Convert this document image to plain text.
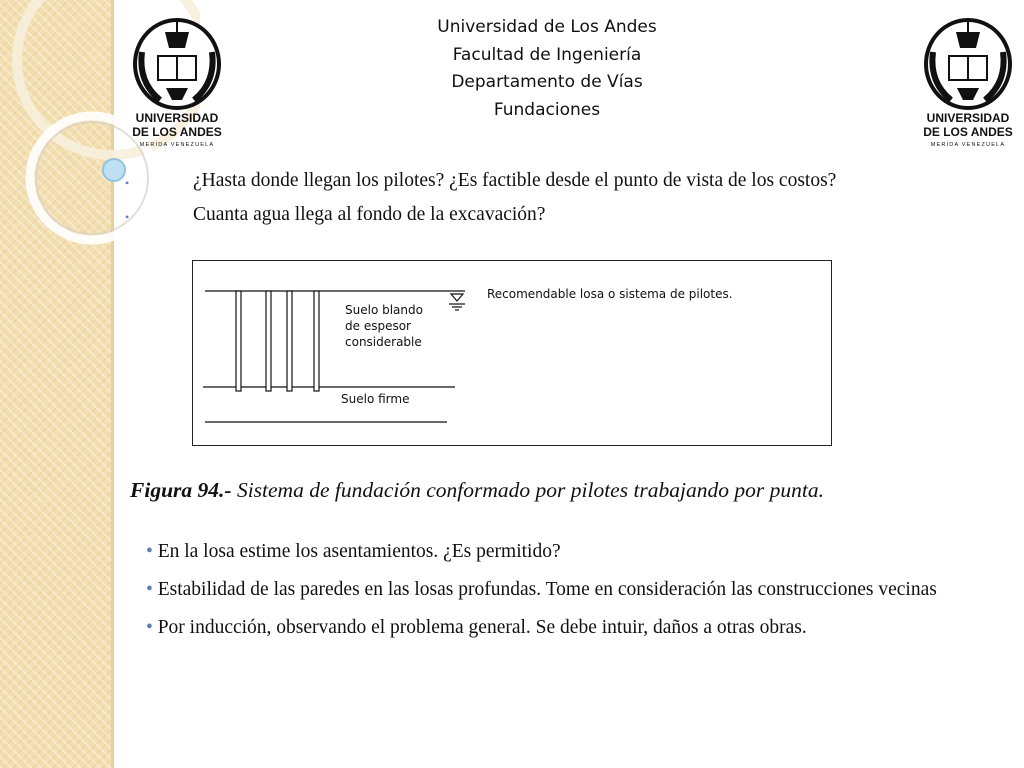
UNIVERSIDAD
DE LOS ANDES
MERIDA VENEZUELA
UNIVERSIDAD
DE LOS ANDES
MERIDA VENEZUELA
Universidad de Los Andes
Facultad de Ingeniería
Departamento de Vías
Fundaciones
•	¿Hasta donde llegan los pilotes? ¿Es factible desde el punto de vista de los costos?
•	Cuanta agua llega al fondo de la excavación?
Suelo blando
de espesor
considerable
Suelo firme
Recomendable losa o sistema de pilotes.
Figura 94.- Sistema de fundación conformado por pilotes trabajando por punta.
• En la losa estime los asentamientos. ¿Es permitido?
• Estabilidad de las paredes en las losas profundas. Tome en consideración las construcciones vecinas
• Por inducción, observando el problema general. Se debe intuir, daños a otras obras.
